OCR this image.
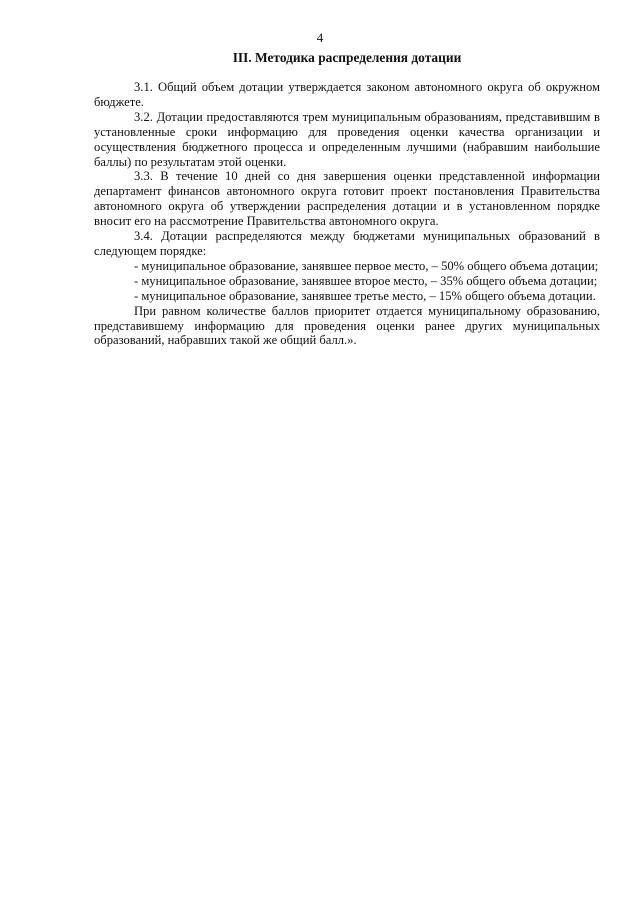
4
III. Методика распределения дотации

3.1. Общий объем дотации утверждается законом автономного округа об окружном бюджете.

3.2. Дотации предоставляются трем муниципальным образованиям, представившим в установленные сроки информацию для проведения оценки качества организации и осуществления бюджетного процесса и определенным лучшими (набравшим наибольшие баллы) по результатам этой оценки.

3.3. В течение 10 дней со дня завершения оценки представленной информации департамент финансов автономного округа готовит проект постановления Правительства автономного округа об утверждении распределения дотации и в установленном порядке вносит его на рассмотрение Правительства автономного округа.

3.4. Дотации распределяются между бюджетами муниципальных образований в следующем порядке:

- муниципальное образование, занявшее первое место, – 50% общего объема дотации;

- муниципальное образование, занявшее второе место, – 35% общего объема дотации;

- муниципальное образование, занявшее третье место, – 15% общего объема дотации.

При равном количестве баллов приоритет отдается муниципальному образованию, представившему информацию для проведения оценки ранее других муниципальных образований, набравших такой же общий балл.».
